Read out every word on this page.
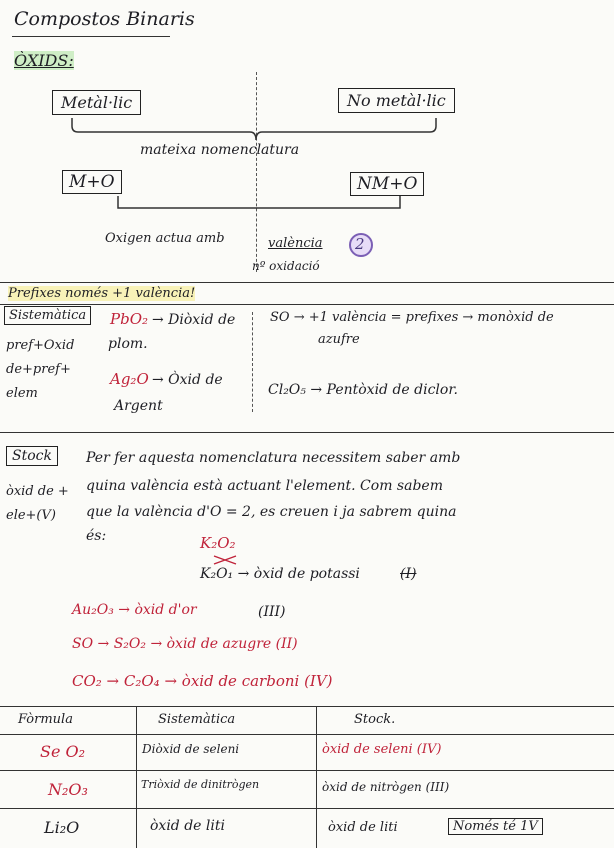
Compostos Binaris
ÒXIDS:
Metàl·lic	No metàl·lic
mateixa nomenclatura
M+O	NM+O
Oxigen actua amb	valència 2
nº oxidació
Prefixes només +1 valència!
Sistemàtica
pref+Oxid
de+pref+
elem
PbO₂ → Diòxid de
plom.
Ag₂O → Òxid de
Argent
SO → +1 valència = prefixes → monòxid de
azufre
Cl₂O₅ → Pentòxid de diclor.
Stock
òxid de +
ele+(V)
Per fer aquesta nomenclatura necessitem saber amb
quina valència està actuant l'element. Com sabem
que la valència d'O = 2, es creuen i ja sabrem quina
és:	K₂O₂
K₂O₁ → òxid de potassi	(I)
Au₂O₃ → òxid d'or	(III)
SO → S₂O₂ → òxid de azugre (II)
CO₂ → C₂O₄ → òxid de carboni (IV)
Fòrmula	Sistemàtica	Stock.
Se O₂	Diòxid de seleni	òxid de seleni (IV)
N₂O₃	Triòxid de dinitrògen	òxid de nitrògen (III)
Li₂O	òxid de liti	òxid de liti	Només té 1V
